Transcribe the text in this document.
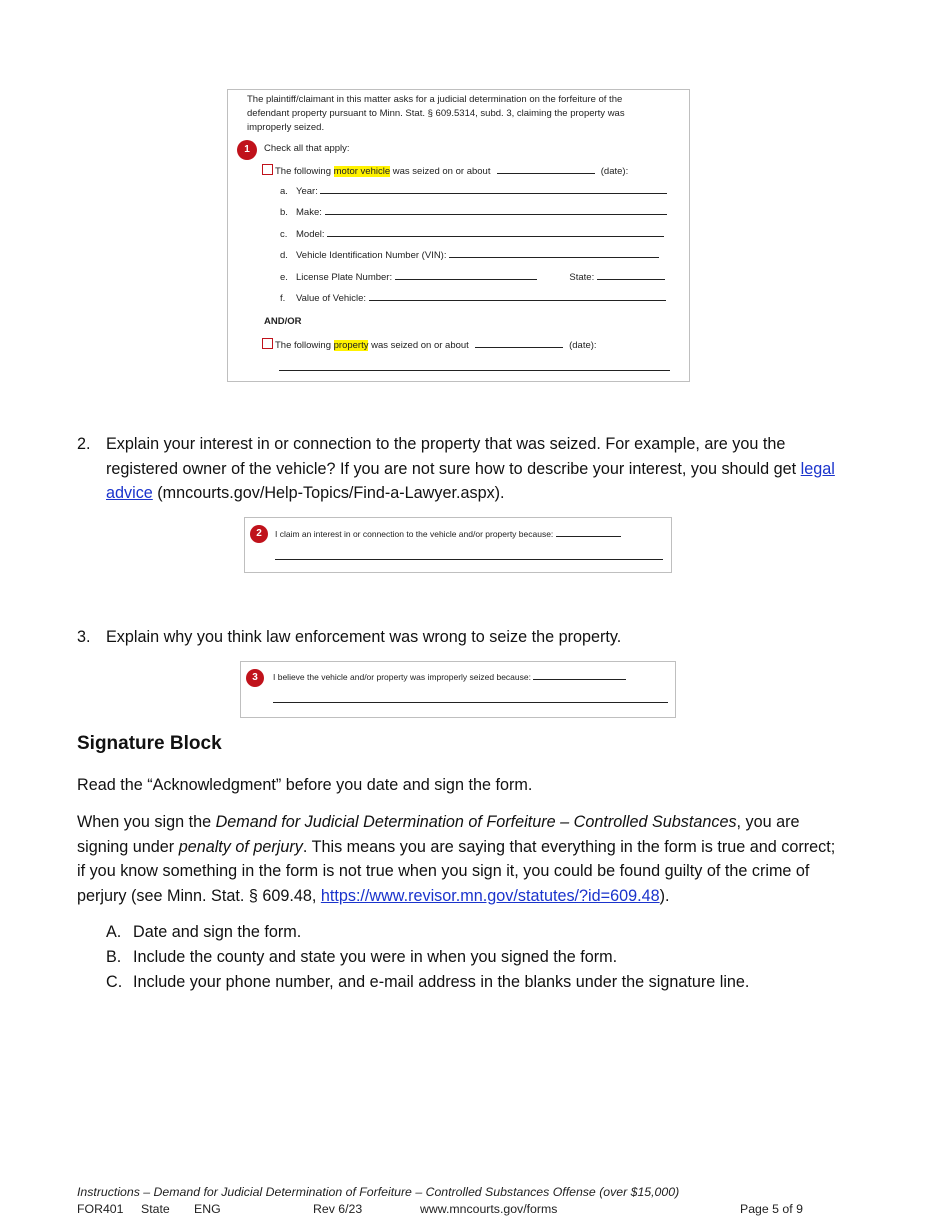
The plaintiff/claimant in this matter asks for a judicial determination on the forfeiture of the defendant property pursuant to Minn. Stat. § 609.5314, subd. 3, claiming the property was improperly seized.
1	Check all that apply:
The following motor vehicle was seized on or about	(date):
a. Year:
b. Make:
c. Model:
d. Vehicle Identification Number (VIN):
e. License Plate Number:	State:
f. Value of Vehicle:
AND/OR
The following property was seized on or about	(date):
2. Explain your interest in or connection to the property that was seized. For example, are you the registered owner of the vehicle? If you are not sure how to describe your interest, you should get legal advice (mncourts.gov/Help-Topics/Find-a-Lawyer.aspx).
2	I claim an interest in or connection to the vehicle and/or property because:
3. Explain why you think law enforcement was wrong to seize the property.
3	I believe the vehicle and/or property was improperly seized because:
Signature Block
Read the “Acknowledgment” before you date and sign the form.
When you sign the Demand for Judicial Determination of Forfeiture – Controlled Substances, you are signing under penalty of perjury. This means you are saying that everything in the form is true and correct; if you know something in the form is not true when you sign it, you could be found guilty of the crime of perjury (see Minn. Stat. § 609.48, https://www.revisor.mn.gov/statutes/?id=609.48).
A. Date and sign the form.
B. Include the county and state you were in when you signed the form.
C. Include your phone number, and e-mail address in the blanks under the signature line.
Instructions – Demand for Judicial Determination of Forfeiture – Controlled Substances Offense (over $15,000)
FOR401 State ENG	Rev 6/23	www.mncourts.gov/forms	Page 5 of 9
